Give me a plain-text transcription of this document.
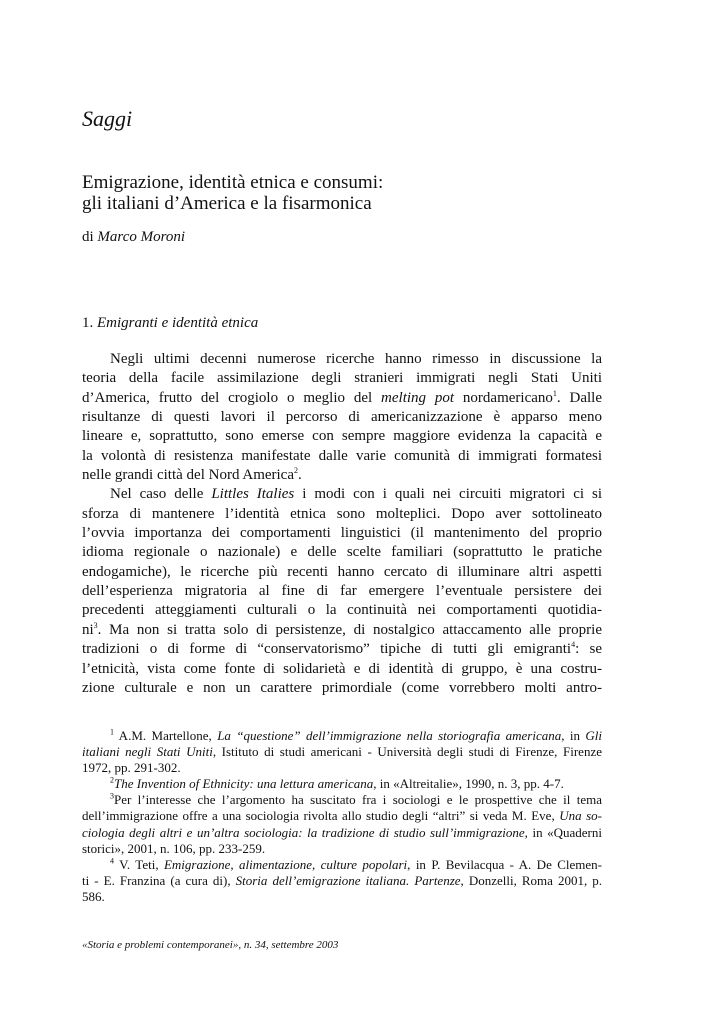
Saggi

Emigrazione, identità etnica e consumi:
gli italiani d’America e la fisarmonica

di Marco Moroni

1. Emigranti e identità etnica
Negli ultimi decenni numerose ricerche hanno rimesso in discussione la
teoria della facile assimilazione degli stranieri immigrati negli Stati Uniti
d’America, frutto del crogiolo o meglio del melting pot nordamericano$^1$. Dalle
risultanze di questi lavori il percorso di americanizzazione è apparso meno
lineare e, soprattutto, sono emerse con sempre maggiore evidenza la capacità e
la volontà di resistenza manifestate dalle varie comunità di immigrati formatesi
nelle grandi città del Nord America$^2$.
Nel caso delle Littles Italies i modi con i quali nei circuiti migratori ci si
sforza di mantenere l’identità etnica sono molteplici. Dopo aver sottolineato
l’ovvia importanza dei comportamenti linguistici (il mantenimento del proprio
idioma regionale o nazionale) e delle scelte familiari (soprattutto le pratiche
endogamiche), le ricerche più recenti hanno cercato di illuminare altri aspetti
dell’esperienza migratoria al fine di far emergere l’eventuale persistere dei
precedenti atteggiamenti culturali o la continuità nei comportamenti quotidia-
$ni^3$. Ma non si tratta solo di persistenze, di nostalgico attaccamento alle proprie
tradizioni o di forme di “conservatorismo” tipiche di tutti gli emigranti$^4$: se
l’etnicità, vista come fonte di solidarietà e di identità di gruppo, è una costru-
zione culturale e non un carattere primordiale (come vorrebbero molti antro-
$^1$ A.M. Martellone, La “questione” dell’immigrazione nella storiografia americana, in Gli
italiani negli Stati Uniti, Istituto di studi americani - Università degli studi di Firenze, Firenze
1972, pp. 291-302.
$^2$The Invention of Ethnicity: una lettura americana, in «Altreitalie», 1990, n. 3, pp. 4-7.
$^3$Per l’interesse che l’argomento ha suscitato fra i sociologi e le prospettive che il tema
dell’immigrazione offre a una sociologia rivolta allo studio degli “altri” si veda M. Eve, Una so-
ciologia degli altri e un’altra sociologia: la tradizione di studio sull’immigrazione, in «Quaderni
storici», 2001, n. 106, pp. 233-259.
$^4$ V. Teti, Emigrazione, alimentazione, culture popolari, in P. Bevilacqua - A. De Clemen-
ti - E. Franzina (a cura di), Storia dell’emigrazione italiana. Partenze, Donzelli, Roma 2001, p.
586.

«Storia e problemi contemporanei», n. 34, settembre 2003
